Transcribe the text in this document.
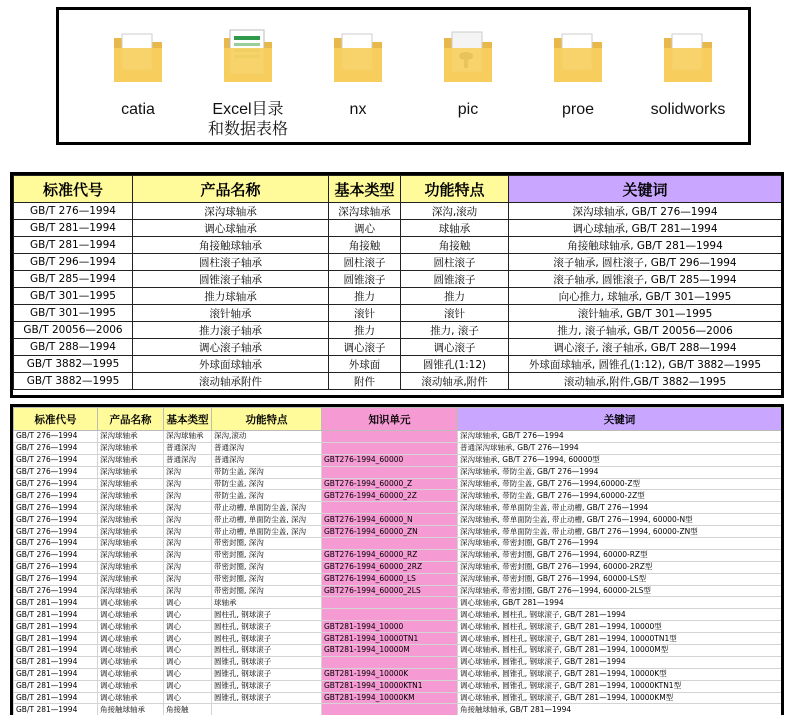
catia	Excel目录
和数据表格
nx	pic	proe	solidworks
标准代号	产品名称	基本类型	功能特点	关键词
GB/T 276—1994	深沟球轴承	深沟球轴承	深沟,滚动	深沟球轴承, GB/T 276—1994
GB/T 281—1994	调心球轴承	调心	球轴承	调心球轴承, GB/T 281—1994
GB/T 281—1994	角接触球轴承	角接触	角接触	角接触球轴承, GB/T 281—1994
GB/T 296—1994	圆柱滚子轴承	圆柱滚子	圆柱滚子	滚子轴承, 圆柱滚子, GB/T 296—1994
GB/T 285—1994	圆锥滚子轴承	圆锥滚子	圆锥滚子	滚子轴承, 圆锥滚子, GB/T 285—1994
GB/T 301—1995	推力球轴承	推力	推力	向心推力, 球轴承, GB/T 301—1995
GB/T 301—1995	滚针轴承	滚针	滚针	滚针轴承, GB/T 301—1995
GB/T 20056—2006	推力滚子轴承	推力	推力, 滚子	推力, 滚子轴承, GB/T 20056—2006
GB/T 288—1994	调心滚子轴承	调心滚子	调心滚子	调心滚子, 滚子轴承, GB/T 288—1994
GB/T 3882—1995	外球面球轴承	外球面	圆锥孔(1:12)	外球面球轴承, 圆锥孔(1:12), GB/T 3882—1995
GB/T 3882—1995	滚动轴承附件	附件	滚动轴承,附件	滚动轴承,附件,GB/T 3882—1995
标准代号	产品名称	基本类型	功能特点	知识单元	关键词
GB/T 276—1994	深沟球轴承	深沟球轴承	深沟,滚动		深沟球轴承, GB/T 276—1994
GB/T 276—1994	深沟球轴承	普通深沟	普通深沟		普通深沟球轴承, GB/T 276—1994
GB/T 276—1994	深沟球轴承	普通深沟	普通深沟	GBT276-1994_60000	深沟球轴承, GB/T 276—1994, 60000型
GB/T 276—1994	深沟球轴承	深沟	带防尘盖, 深沟		深沟球轴承, 带防尘盖, GB/T 276—1994
GB/T 276—1994	深沟球轴承	深沟	带防尘盖, 深沟	GBT276-1994_60000_Z	深沟球轴承, 带防尘盖, GB/T 276—1994,60000-Z型
GB/T 276—1994	深沟球轴承	深沟	带防尘盖, 深沟	GBT276-1994_60000_2Z	深沟球轴承, 带防尘盖, GB/T 276—1994,60000-2Z型
GB/T 276—1994	深沟球轴承	深沟	带止动槽, 单面防尘盖, 深沟		深沟球轴承, 带单面防尘盖, 带止动槽, GB/T 276—1994
GB/T 276—1994	深沟球轴承	深沟	带止动槽, 单面防尘盖, 深沟	GBT276-1994_60000_N	深沟球轴承, 带单面防尘盖, 带止动槽, GB/T 276—1994, 60000-N型
GB/T 276—1994	深沟球轴承	深沟	带止动槽, 单面防尘盖, 深沟	GBT276-1994_60000_ZN	深沟球轴承, 带单面防尘盖, 带止动槽, GB/T 276—1994, 60000-ZN型
GB/T 276—1994	深沟球轴承	深沟	带密封圈, 深沟		深沟球轴承, 带密封圈, GB/T 276—1994
GB/T 276—1994	深沟球轴承	深沟	带密封圈, 深沟	GBT276-1994_60000_RZ	深沟球轴承, 带密封圈, GB/T 276—1994, 60000-RZ型
GB/T 276—1994	深沟球轴承	深沟	带密封圈, 深沟	GBT276-1994_60000_2RZ	深沟球轴承, 带密封圈, GB/T 276—1994, 60000-2RZ型
GB/T 276—1994	深沟球轴承	深沟	带密封圈, 深沟	GBT276-1994_60000_LS	深沟球轴承, 带密封圈, GB/T 276—1994, 60000-LS型
GB/T 276—1994	深沟球轴承	深沟	带密封圈, 深沟	GBT276-1994_60000_2LS	深沟球轴承, 带密封圈, GB/T 276—1994, 60000-2LS型
GB/T 281—1994	调心球轴承	调心	球轴承		调心球轴承, GB/T 281—1994
GB/T 281—1994	调心球轴承	调心	圆柱孔, 钢球滚子		调心球轴承, 圆柱孔, 钢球滚子, GB/T 281—1994
GB/T 281—1994	调心球轴承	调心	圆柱孔, 钢球滚子	GBT281-1994_10000	调心球轴承, 圆柱孔, 钢球滚子, GB/T 281—1994, 10000型
GB/T 281—1994	调心球轴承	调心	圆柱孔, 钢球滚子	GBT281-1994_10000TN1	调心球轴承, 圆柱孔, 钢球滚子, GB/T 281—1994, 10000TN1型
GB/T 281—1994	调心球轴承	调心	圆柱孔, 钢球滚子	GBT281-1994_10000M	调心球轴承, 圆柱孔, 钢球滚子, GB/T 281—1994, 10000M型
GB/T 281—1994	调心球轴承	调心	圆锥孔, 钢球滚子		调心球轴承, 圆锥孔, 钢球滚子, GB/T 281—1994
GB/T 281—1994	调心球轴承	调心	圆锥孔, 钢球滚子	GBT281-1994_10000K	调心球轴承, 圆锥孔, 钢球滚子, GB/T 281—1994, 10000K型
GB/T 281—1994	调心球轴承	调心	圆锥孔, 钢球滚子	GBT281-1994_10000KTN1	调心球轴承, 圆锥孔, 钢球滚子, GB/T 281—1994, 10000KTN1型
GB/T 281—1994	调心球轴承	调心	圆锥孔, 钢球滚子	GBT281-1994_10000KM	调心球轴承, 圆锥孔, 钢球滚子, GB/T 281—1994, 10000KM型
GB/T 281—1994	角接触球轴承	角接触			角接触球轴承, GB/T 281—1994
